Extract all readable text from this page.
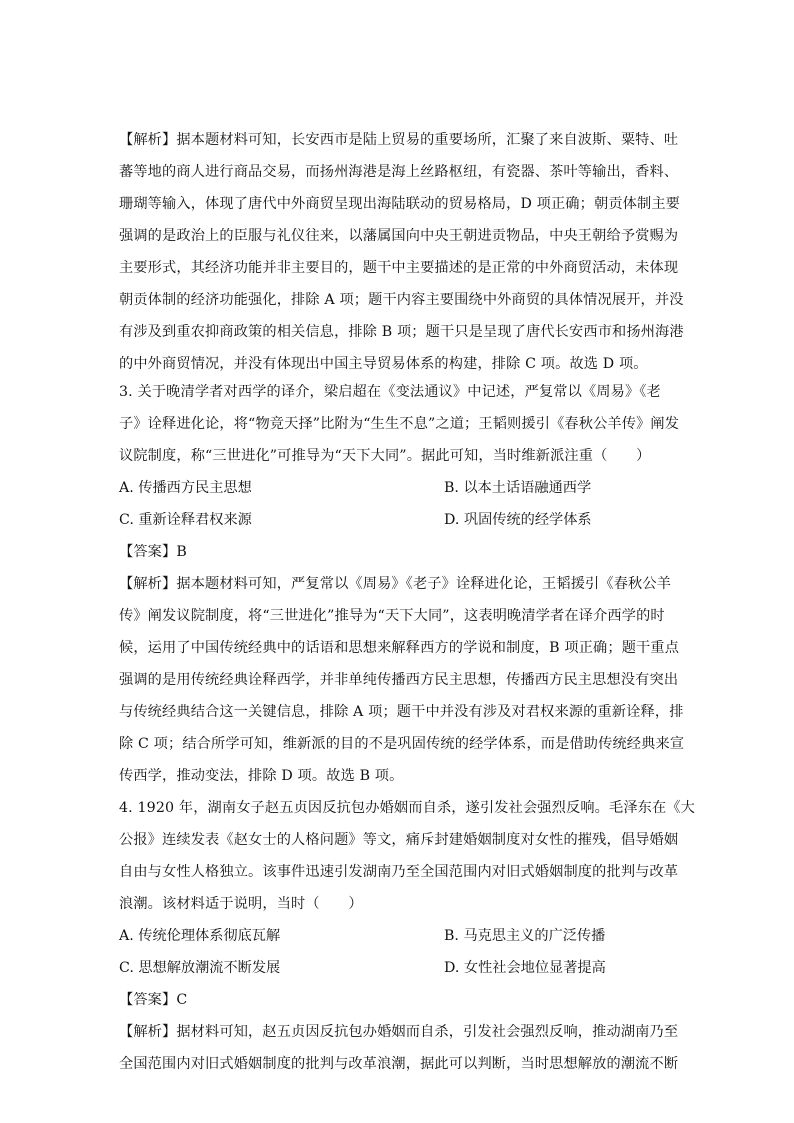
【解析】据本题材料可知，长安西市是陆上贸易的重要场所，汇聚了来自波斯、粟特、吐
蕃等地的商人进行商品交易，而扬州海港是海上丝路枢纽，有瓷器、茶叶等输出，香料、
珊瑚等输入，体现了唐代中外商贸呈现出海陆联动的贸易格局，D 项正确；朝贡体制主要
强调的是政治上的臣服与礼仪往来，以藩属国向中央王朝进贡物品，中央王朝给予赏赐为
主要形式，其经济功能并非主要目的，题干中主要描述的是正常的中外商贸活动，未体现
朝贡体制的经济功能强化，排除 A 项；题干内容主要围绕中外商贸的具体情况展开，并没
有涉及到重农抑商政策的相关信息，排除 B 项；题干只是呈现了唐代长安西市和扬州海港
的中外商贸情况，并没有体现出中国主导贸易体系的构建，排除 C 项。故选 D 项。
3. 关于晚清学者对西学的译介，梁启超在《变法通议》中记述，严复常以《周易》《老
子》诠释进化论，将“物竞天择”比附为“生生不息”之道；王韬则援引《春秋公羊传》阐发
议院制度，称“三世进化”可推导为“天下大同”。据此可知，当时维新派注重（　　）
A. 传播西方民主思想	B. 以本土话语融通西学
C. 重新诠释君权来源	D. 巩固传统的经学体系
【答案】B
【解析】据本题材料可知，严复常以《周易》《老子》诠释进化论，王韬援引《春秋公羊
传》阐发议院制度，将“三世进化”推导为“天下大同”，这表明晚清学者在译介西学的时
候，运用了中国传统经典中的话语和思想来解释西方的学说和制度，B 项正确；题干重点
强调的是用传统经典诠释西学，并非单纯传播西方民主思想，传播西方民主思想没有突出
与传统经典结合这一关键信息，排除 A 项；题干中并没有涉及对君权来源的重新诠释，排
除 C 项；结合所学可知，维新派的目的不是巩固传统的经学体系，而是借助传统经典来宣
传西学，推动变法，排除 D 项。故选 B 项。
4. 1920 年，湖南女子赵五贞因反抗包办婚姻而自杀，遂引发社会强烈反响。毛泽东在《大
公报》连续发表《赵女士的人格问题》等文，痛斥封建婚姻制度对女性的摧残，倡导婚姻
自由与女性人格独立。该事件迅速引发湖南乃至全国范围内对旧式婚姻制度的批判与改革
浪潮。该材料适于说明，当时（　　）
A. 传统伦理体系彻底瓦解	B. 马克思主义的广泛传播
C. 思想解放潮流不断发展	D. 女性社会地位显著提高
【答案】C
【解析】据材料可知，赵五贞因反抗包办婚姻而自杀，引发社会强烈反响，推动湖南乃至
全国范围内对旧式婚姻制度的批判与改革浪潮，据此可以判断，当时思想解放的潮流不断
